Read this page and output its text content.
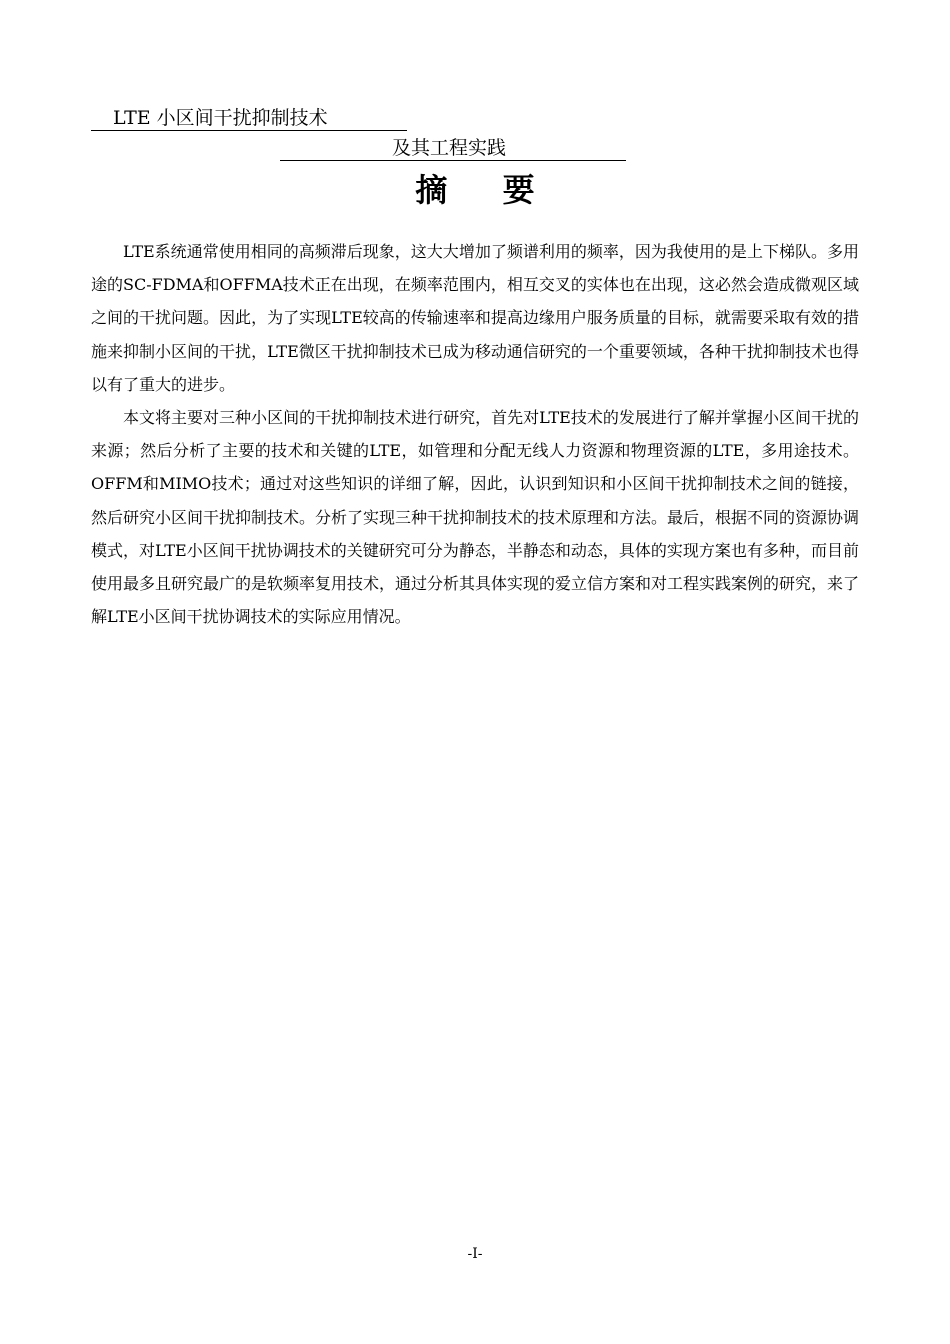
LTE 小区间干扰抑制技术
及其工程实践
摘 要

LTE系统通常使用相同的高频滞后现象，这大大增加了频谱利用的频率，因为我使用的是上下梯队。多用途的SC-FDMA和OFFMA技术正在出现，在频率范围内，相互交叉的实体也在出现，这必然会造成微观区域之间的干扰问题。因此，为了实现LTE较高的传输速率和提高边缘用户服务质量的目标，就需要采取有效的措施来抑制小区间的干扰，LTE微区干扰抑制技术已成为移动通信研究的一个重要领域，各种干扰抑制技术也得以有了重大的进步。

本文将主要对三种小区间的干扰抑制技术进行研究，首先对LTE技术的发展进行了解并掌握小区间干扰的来源；然后分析了主要的技术和关键的LTE，如管理和分配无线人力资源和物理资源的LTE，多用途技术。OFFM和MIMO技术；通过对这些知识的详细了解，因此，认识到知识和小区间干扰抑制技术之间的链接，然后研究小区间干扰抑制技术。分析了实现三种干扰抑制技术的技术原理和方法。最后，根据不同的资源协调模式，对LTE小区间干扰协调技术的关键研究可分为静态，半静态和动态，具体的实现方案也有多种，而目前使用最多且研究最广的是软频率复用技术，通过分析其具体实现的爱立信方案和对工程实践案例的研究，来了解LTE小区间干扰协调技术的实际应用情况。

-I-
